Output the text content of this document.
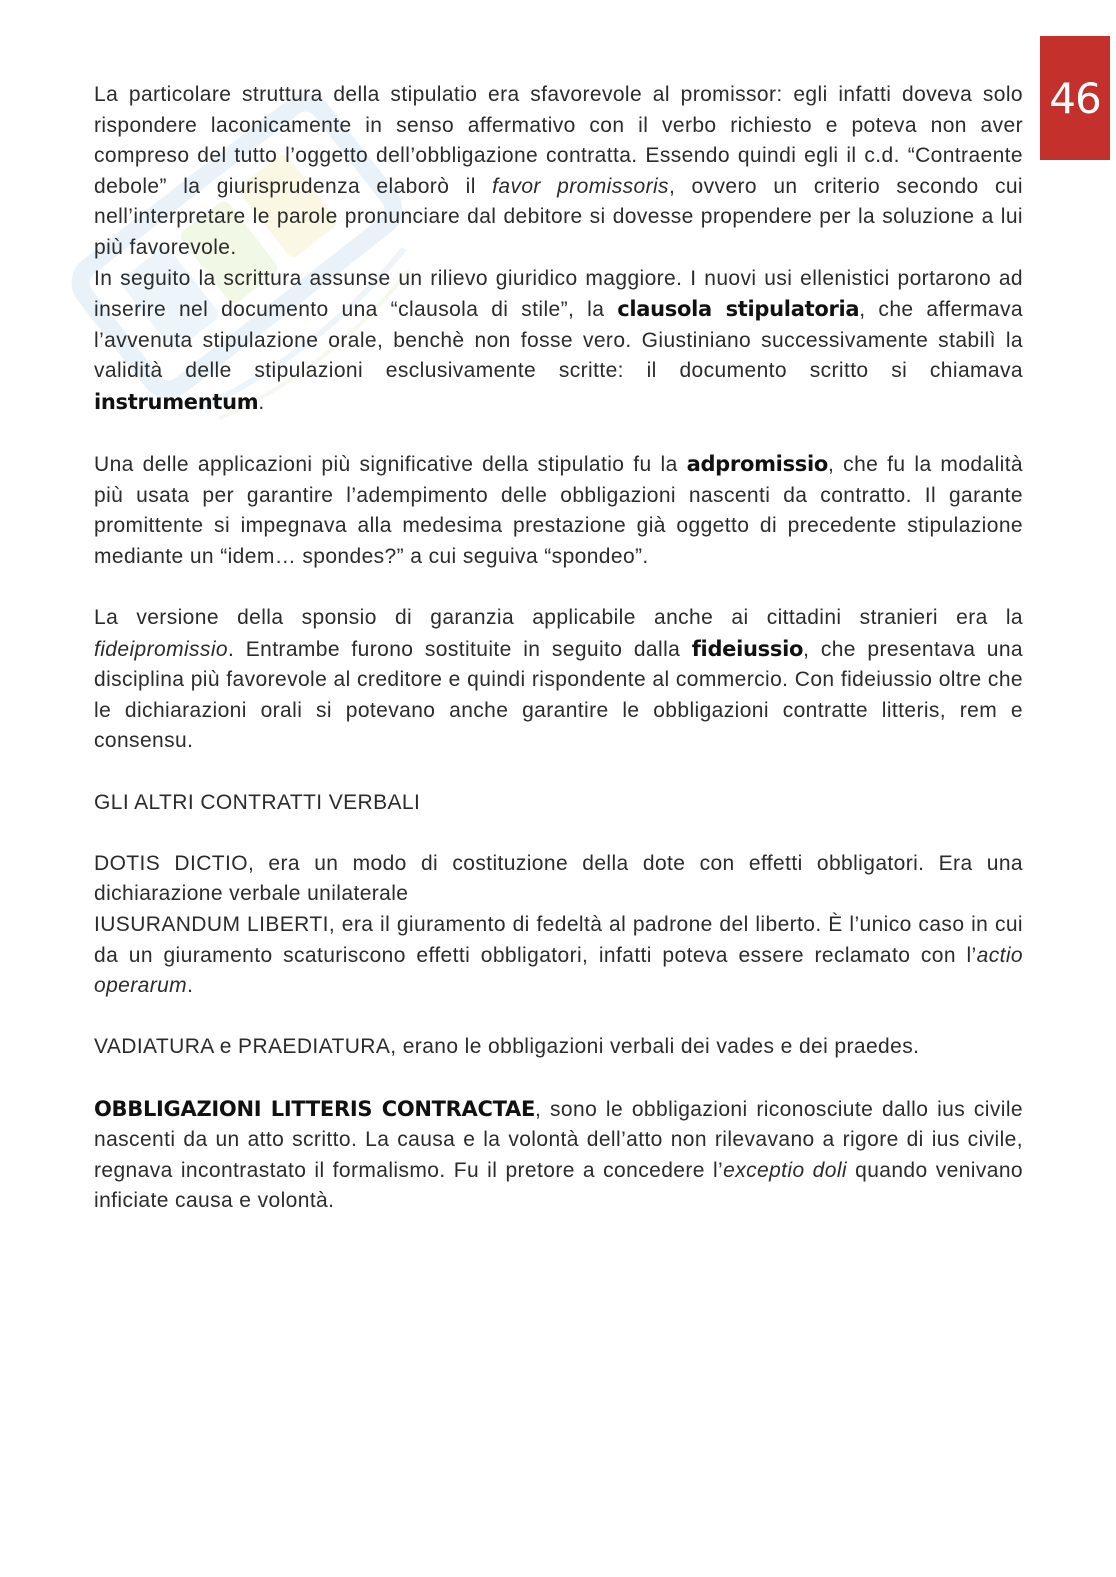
46

La particolare struttura della stipulatio era sfavorevole al promissor: egli infatti doveva solo rispondere laconicamente in senso affermativo con il verbo richiesto e poteva non aver compreso del tutto l’oggetto dell’obbligazione contratta. Essendo quindi egli il c.d. “Contraente debole” la giurisprudenza elaborò il favor promissoris, ovvero un criterio secondo cui nell’interpretare le parole pronunciare dal debitore si dovesse propendere per la soluzione a lui più favorevole.

In seguito la scrittura assunse un rilievo giuridico maggiore. I nuovi usi ellenistici portarono ad inserire nel documento una “clausola di stile”, la clausola stipulatoria, che affermava l’avvenuta stipulazione orale, benchè non fosse vero. Giustiniano successivamente stabilì la validità delle stipulazioni esclusivamente scritte: il documento scritto si chiamava instrumentum.

Una delle applicazioni più significative della stipulatio fu la adpromissio, che fu la modalità più usata per garantire l’adempimento delle obbligazioni nascenti da contratto. Il garante promittente si impegnava alla medesima prestazione già oggetto di precedente stipulazione mediante un “idem… spondes?” a cui seguiva “spondeo”.

La versione della sponsio di garanzia applicabile anche ai cittadini stranieri era la fideipromissio. Entrambe furono sostituite in seguito dalla fideiussio, che presentava una disciplina più favorevole al creditore e quindi rispondente al commercio. Con fideiussio oltre che le dichiarazioni orali si potevano anche garantire le obbligazioni contratte litteris, rem e consensu.

GLI ALTRI CONTRATTI VERBALI

DOTIS DICTIO, era un modo di costituzione della dote con effetti obbligatori. Era una dichiarazione verbale unilaterale

IUSURANDUM LIBERTI, era il giuramento di fedeltà al padrone del liberto. È l’unico caso in cui da un giuramento scaturiscono effetti obbligatori, infatti poteva essere reclamato con l’actio operarum.

VADIATURA e PRAEDIATURA, erano le obbligazioni verbali dei vades e dei praedes.

OBBLIGAZIONI LITTERIS CONTRACTAE, sono le obbligazioni riconosciute dallo ius civile nascenti da un atto scritto. La causa e la volontà dell’atto non rilevavano a rigore di ius civile, regnava incontrastato il formalismo. Fu il pretore a concedere l’exceptio doli quando venivano inficiate causa e volontà.
